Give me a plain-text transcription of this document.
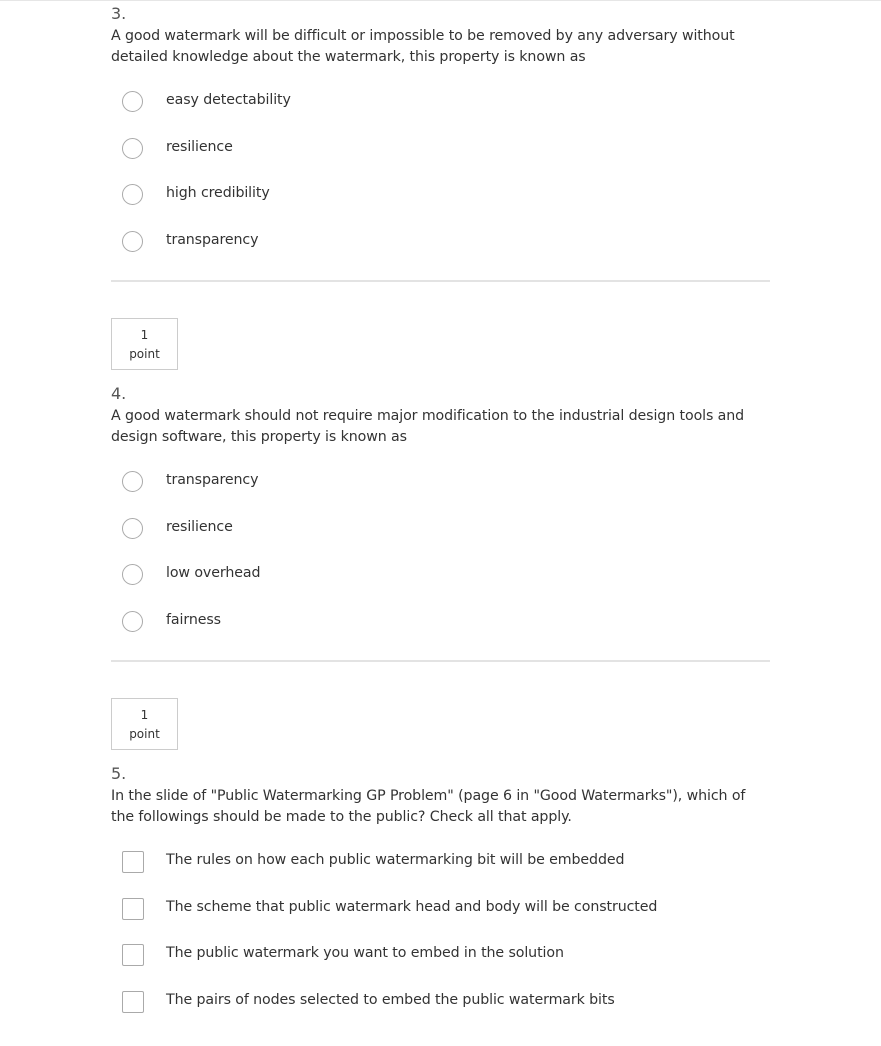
3.
A good watermark will be difficult or impossible to be removed by any adversary without detailed knowledge about the watermark, this property is known as
easy detectability
resilience
high credibility
transparency
1
point
4.
A good watermark should not require major modification to the industrial design tools and design software, this property is known as
transparency
resilience
low overhead
fairness
1
point
5.
In the slide of "Public Watermarking GP Problem" (page 6 in "Good Watermarks"), which of the followings should be made to the public? Check all that apply.
The rules on how each public watermarking bit will be embedded
The scheme that public watermark head and body will be constructed
The public watermark you want to embed in the solution
The pairs of nodes selected to embed the public watermark bits
